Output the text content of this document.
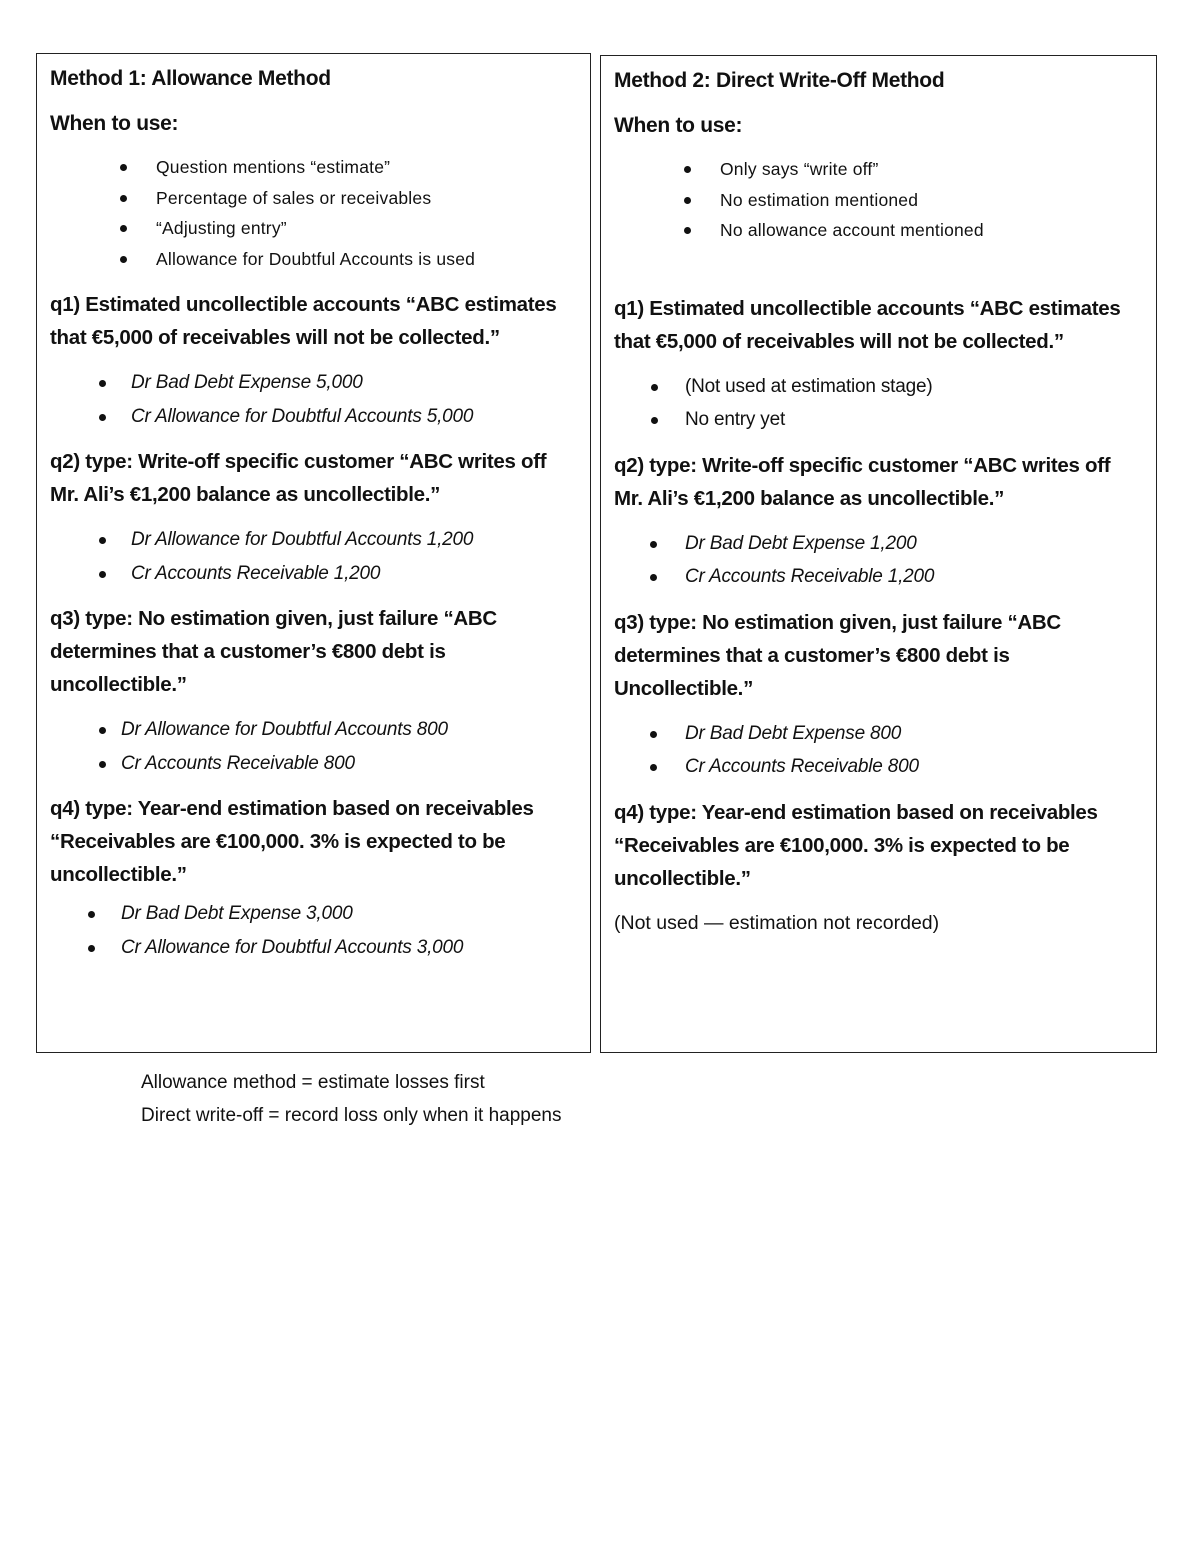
Method 1: Allowance Method

When to use:

Question mentions “estimate”
Percentage of sales or receivables
“Adjusting entry”
Allowance for Doubtful Accounts is used

q1) Estimated uncollectible accounts “ABC estimates that €5,000 of receivables will not be collected.”

Dr Bad Debt Expense 5,000
Cr Allowance for Doubtful Accounts 5,000

q2) type: Write-off specific customer “ABC writes off Mr. Ali’s €1,200 balance as uncollectible.”

Dr Allowance for Doubtful Accounts 1,200
Cr Accounts Receivable 1,200

q3) type: No estimation given, just failure “ABC determines that a customer’s €800 debt is uncollectible.”

Dr Allowance for Doubtful Accounts 800
Cr Accounts Receivable 800

q4) type: Year-end estimation based on receivables “Receivables are €100,000. 3% is expected to be uncollectible.”

Dr Bad Debt Expense 3,000
Cr Allowance for Doubtful Accounts 3,000

Method 2: Direct Write-Off Method

When to use:

Only says “write off”
No estimation mentioned
No allowance account mentioned

q1) Estimated uncollectible accounts “ABC estimates that €5,000 of receivables will not be collected.”

(Not used at estimation stage)
No entry yet

q2) type: Write-off specific customer “ABC writes off Mr. Ali’s €1,200 balance as uncollectible.”

Dr Bad Debt Expense 1,200
Cr Accounts Receivable 1,200

q3) type: No estimation given, just failure “ABC determines that a customer’s €800 debt is Uncollectible.”

Dr Bad Debt Expense 800
Cr Accounts Receivable 800

q4) type: Year-end estimation based on receivables “Receivables are €100,000. 3% is expected to be uncollectible.”

(Not used — estimation not recorded)

Allowance method = estimate losses first
Direct write-off = record loss only when it happens
